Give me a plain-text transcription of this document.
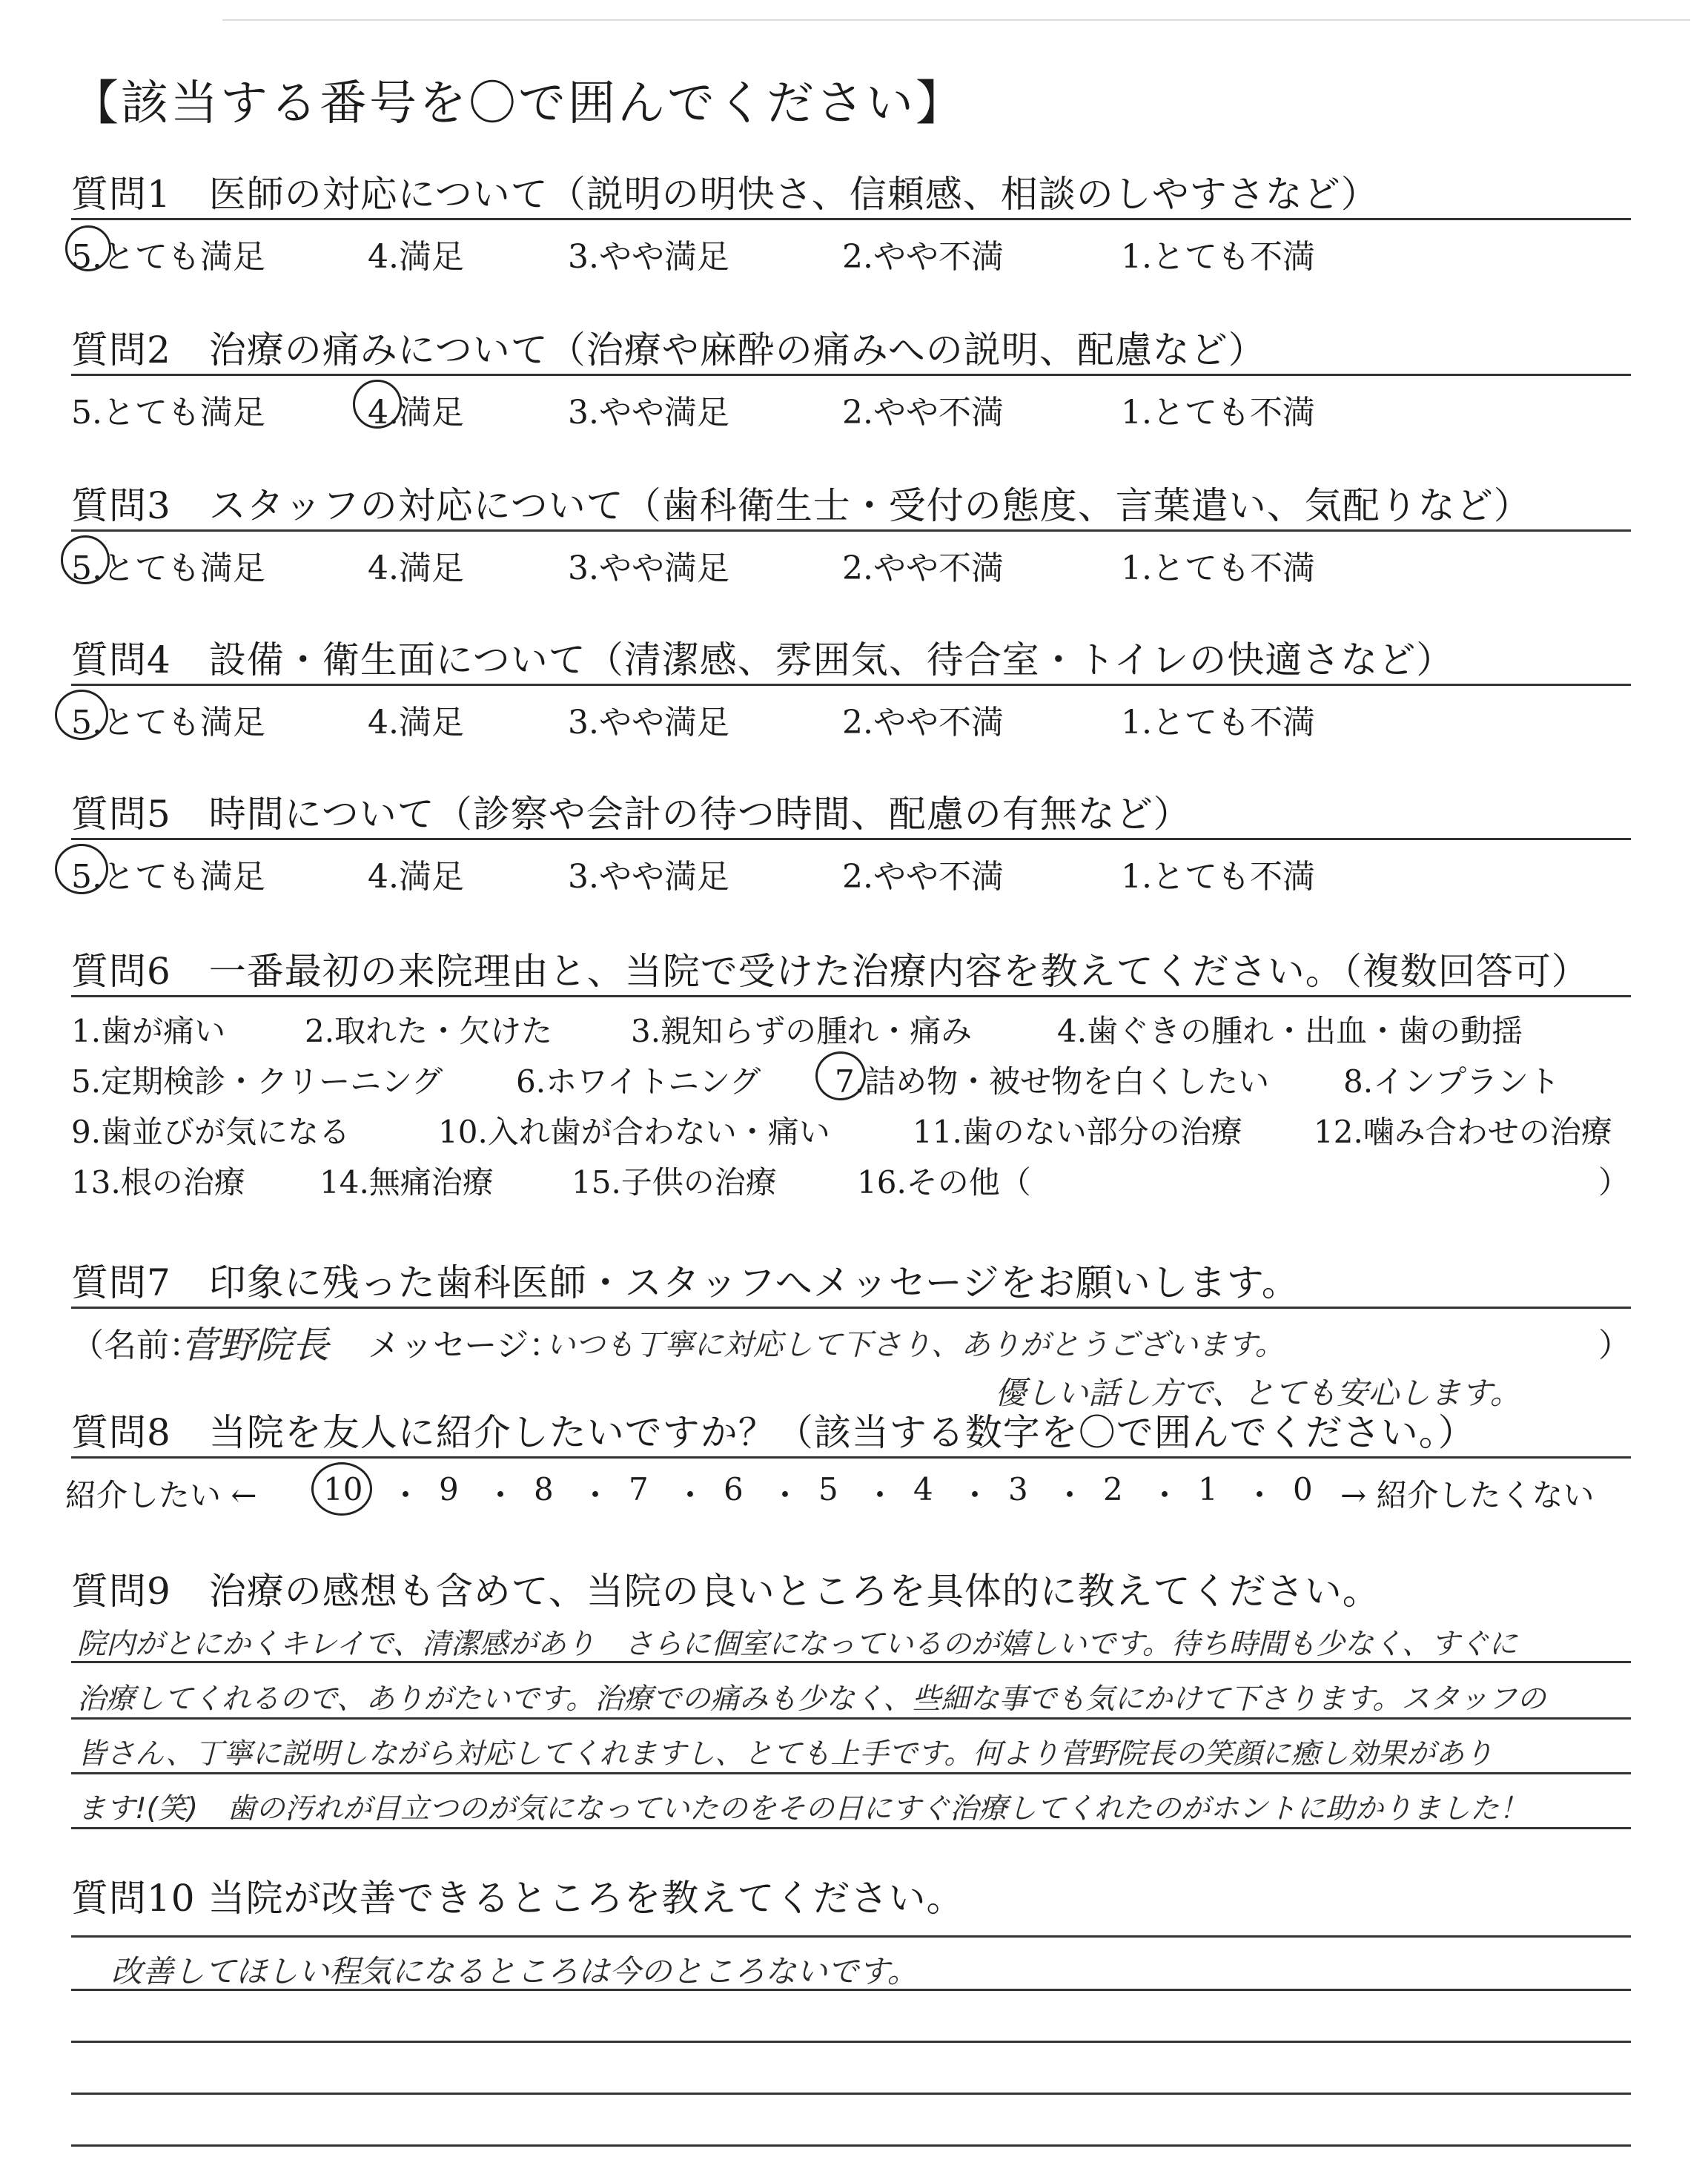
【該当する番号を〇で囲んでください】
質問1　医師の対応について（説明の明快さ、信頼感、相談のしやすさなど）
5.とても満足	4.満足	3.やや満足	2.やや不満	1.とても不満
質問2　治療の痛みについて（治療や麻酔の痛みへの説明、配慮など）
5.とても満足	4.満足	3.やや満足	2.やや不満	1.とても不満
質問3　スタッフの対応について（歯科衛生士・受付の態度、言葉遣い、気配りなど）
5.とても満足	4.満足	3.やや満足	2.やや不満	1.とても不満
質問4　設備・衛生面について（清潔感、雰囲気、待合室・トイレの快適さなど）
5.とても満足	4.満足	3.やや満足	2.やや不満	1.とても不満
質問5　時間について（診察や会計の待つ時間、配慮の有無など）
5.とても満足	4.満足	3.やや満足	2.やや不満	1.とても不満
質問6　一番最初の来院理由と、当院で受けた治療内容を教えてください。（複数回答可）
1.歯が痛い	2.取れた・欠けた	3.親知らずの腫れ・痛み	4.歯ぐきの腫れ・出血・歯の動揺
5.定期検診・クリーニング 6.ホワイトニング 7.詰め物・被せ物を白くしたい 8.インプラント
9.歯並びが気になる	10.入れ歯が合わない・痛い	11.歯のない部分の治療 12.噛み合わせの治療
13.根の治療 14.無痛治療	15.子供の治療	16.その他（	）
質問7　印象に残った歯科医師・スタッフへメッセージをお願いします。
（名前：
菅野院長 メッセージ：
いつも丁寧に対応して下さり、ありがとうございます。	）
優しい話し方で、とても安心します。
質問8　当院を友人に紹介したいですか？（該当する数字を〇で囲んでください。）
紹介したい ← 10 ・ 9 ・ 8 ・ 7 ・ 6 ・ 5 ・ 4 ・ 3 ・ 2 ・ 1 ・ 0 → 紹介したくない
質問9　治療の感想も含めて、当院の良いところを具体的に教えてください。
院内がとにかくキレイで、清潔感があり　さらに個室になっているのが嬉しいです。待ち時間も少なく、すぐに
治療してくれるので、ありがたいです。治療での痛みも少なく、些細な事でも気にかけて下さります。スタッフの
皆さん、丁寧に説明しながら対応してくれますし、とても上手です。何より菅野院長の笑顔に癒し効果があり
ます!(笑)　歯の汚れが目立つのが気になっていたのをその日にすぐ治療してくれたのがホントに助かりました！
質問10 当院が改善できるところを教えてください。
改善してほしい程気になるところは今のところないです。
